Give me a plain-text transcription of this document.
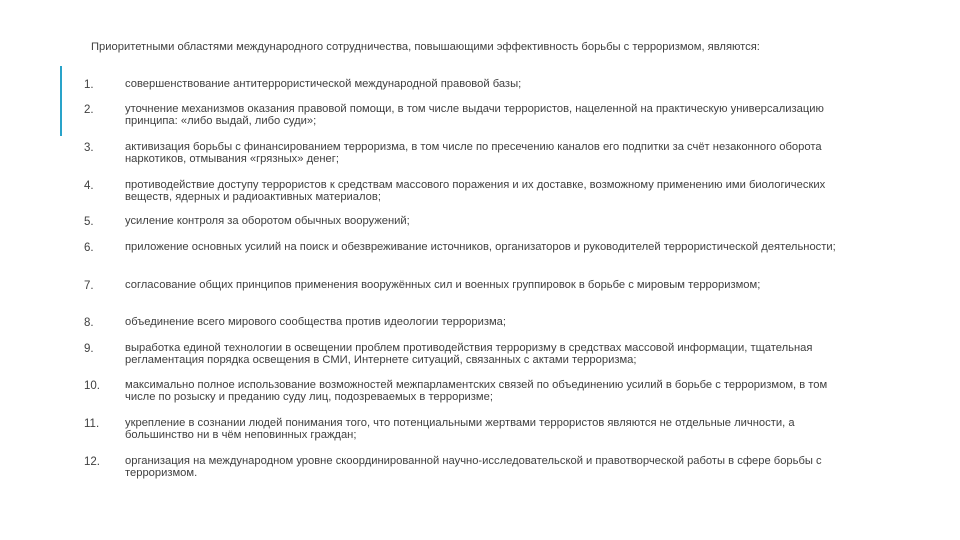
Приоритетными областями международного сотрудничества, повышающими эффективность борьбы с терроризмом, являются:
1.	совершенствование антитеррористической международной правовой базы;
2.	уточнение механизмов оказания правовой помощи, в том числе выдачи террористов, нацеленной на практическую универсализацию принципа: «либо выдай, либо суди»;
3.	активизация борьбы с финансированием терроризма, в том числе по пресечению каналов его подпитки за счёт незаконного оборота наркотиков, отмывания «грязных» денег;
4.	противодействие доступу террористов к средствам массового поражения и их доставке, возможному применению ими биологических веществ, ядерных и радиоактивных материалов;
5.	усиление контроля за оборотом обычных вооружений;
6.	приложение основных усилий на поиск и обезвреживание источников, организаторов и руководителей террористической деятельности;
7.	согласование общих принципов применения вооружённых сил и военных группировок в борьбе с мировым терроризмом;
8.	объединение всего мирового сообщества против идеологии терроризма;
9.	выработка единой технологии в освещении проблем противодействия терроризму в средствах массовой информации, тщательная регламентация порядка освещения в СМИ, Интернете ситуаций, связанных с актами терроризма;
10.	максимально полное использование возможностей межпарламентских связей по объединению усилий в борьбе с терроризмом, в том числе по розыску и преданию суду лиц, подозреваемых в терроризме;
11.	укрепление в сознании людей понимания того, что потенциальными жертвами террористов являются не отдельные личности, а большинство ни в чём неповинных граждан;
12.	организация на международном уровне скоординированной научно-исследовательской и правотворческой работы в сфере борьбы с терроризмом.
